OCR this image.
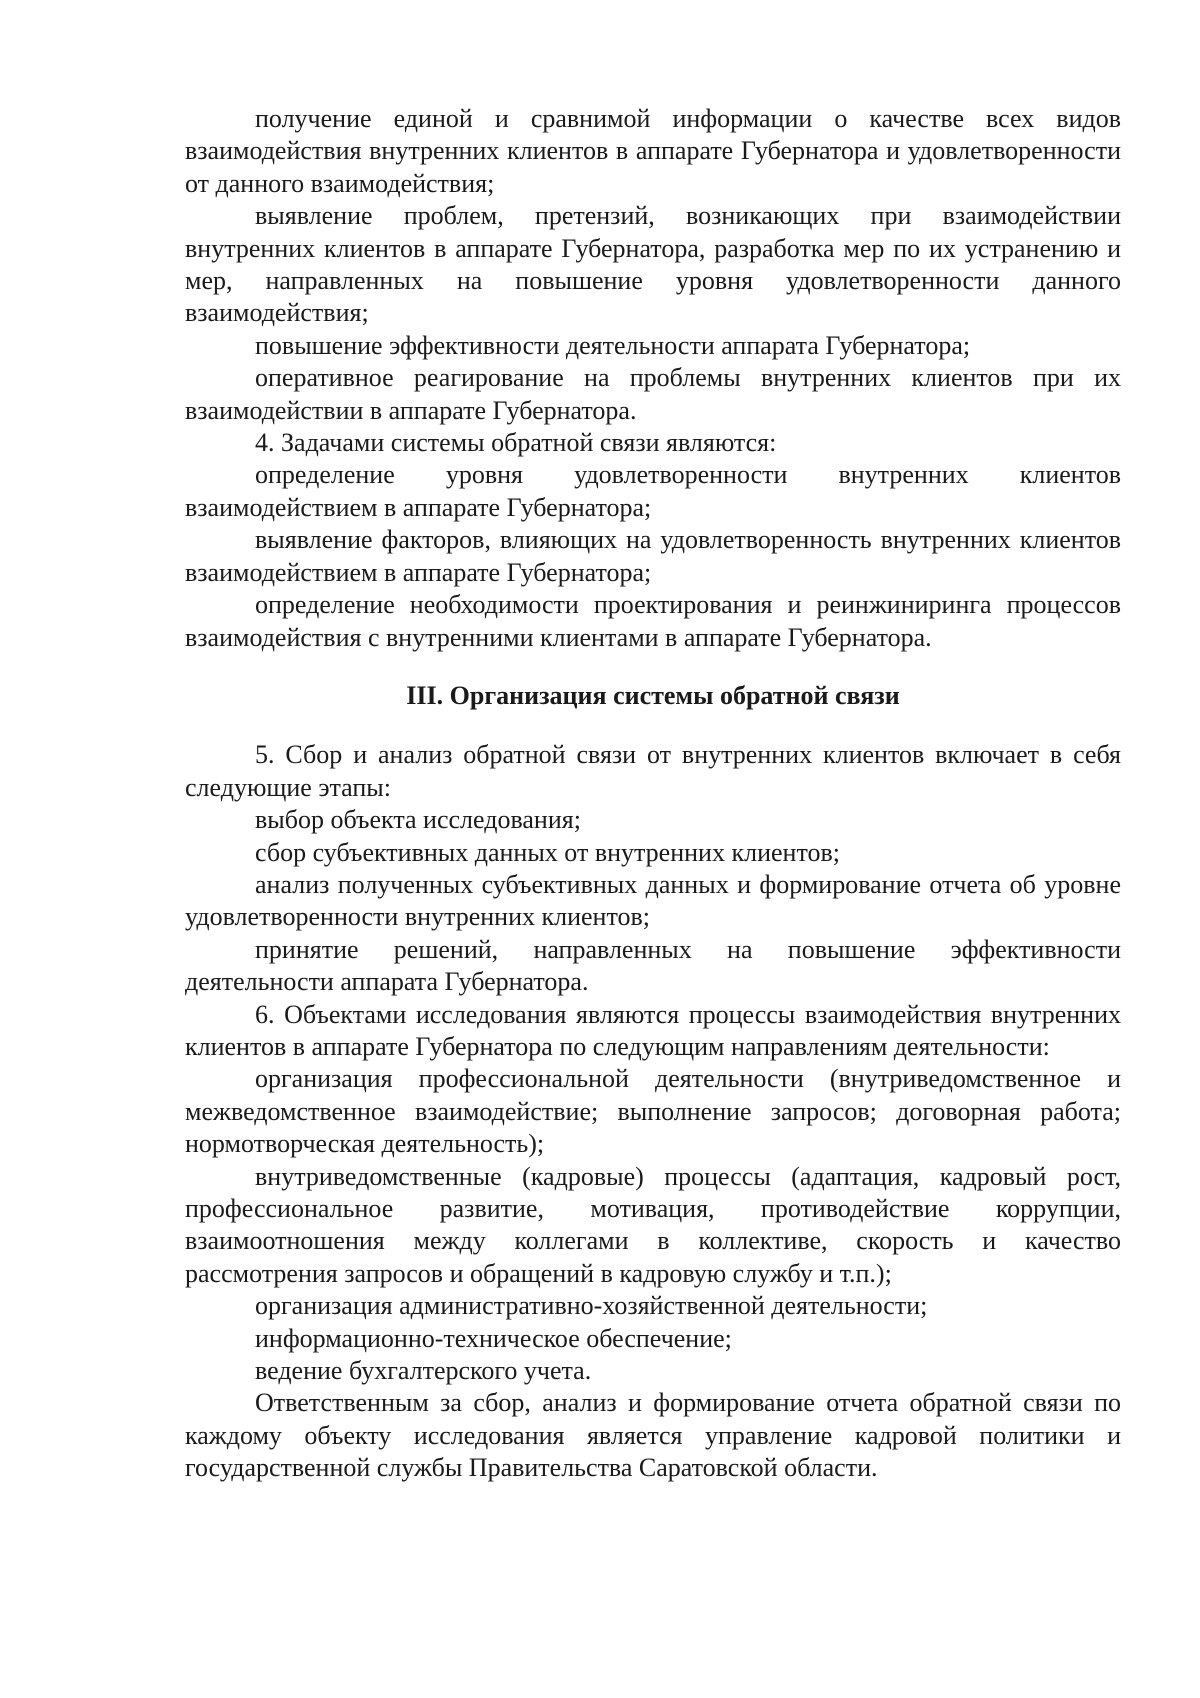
получение единой и сравнимой информации о качестве всех видов взаимодействия внутренних клиентов в аппарате Губернатора и удовлетворенности от данного взаимодействия;

выявление проблем, претензий, возникающих при взаимодействии внутренних клиентов в аппарате Губернатора, разработка мер по их устранению и мер, направленных на повышение уровня удовлетворенности данного взаимодействия;

повышение эффективности деятельности аппарата Губернатора;

оперативное реагирование на проблемы внутренних клиентов при их взаимодействии в аппарате Губернатора.

4. Задачами системы обратной связи являются:

определение уровня удовлетворенности внутренних клиентов взаимодействием в аппарате Губернатора;

выявление факторов, влияющих на удовлетворенность внутренних клиентов взаимодействием в аппарате Губернатора;

определение необходимости проектирования и реинжиниринга процессов взаимодействия с внутренними клиентами в аппарате Губернатора.

III. Организация системы обратной связи

5. Сбор и анализ обратной связи от внутренних клиентов включает в себя следующие этапы:

выбор объекта исследования;

сбор субъективных данных от внутренних клиентов;

анализ полученных субъективных данных и формирование отчета об уровне удовлетворенности внутренних клиентов;

принятие решений, направленных на повышение эффективности деятельности аппарата Губернатора.

6. Объектами исследования являются процессы взаимодействия внутренних клиентов в аппарате Губернатора по следующим направлениям деятельности:

организация профессиональной деятельности (внутриведомственное и межведомственное взаимодействие; выполнение запросов; договорная работа; нормотворческая деятельность);

внутриведомственные (кадровые) процессы (адаптация, кадровый рост, профессиональное развитие, мотивация, противодействие коррупции, взаимоотношения между коллегами в коллективе, скорость и качество рассмотрения запросов и обращений в кадровую службу и т.п.);

организация административно-хозяйственной деятельности;

информационно-техническое обеспечение;

ведение бухгалтерского учета.

Ответственным за сбор, анализ и формирование отчета обратной связи по каждому объекту исследования является управление кадровой политики и государственной службы Правительства Саратовской области.
